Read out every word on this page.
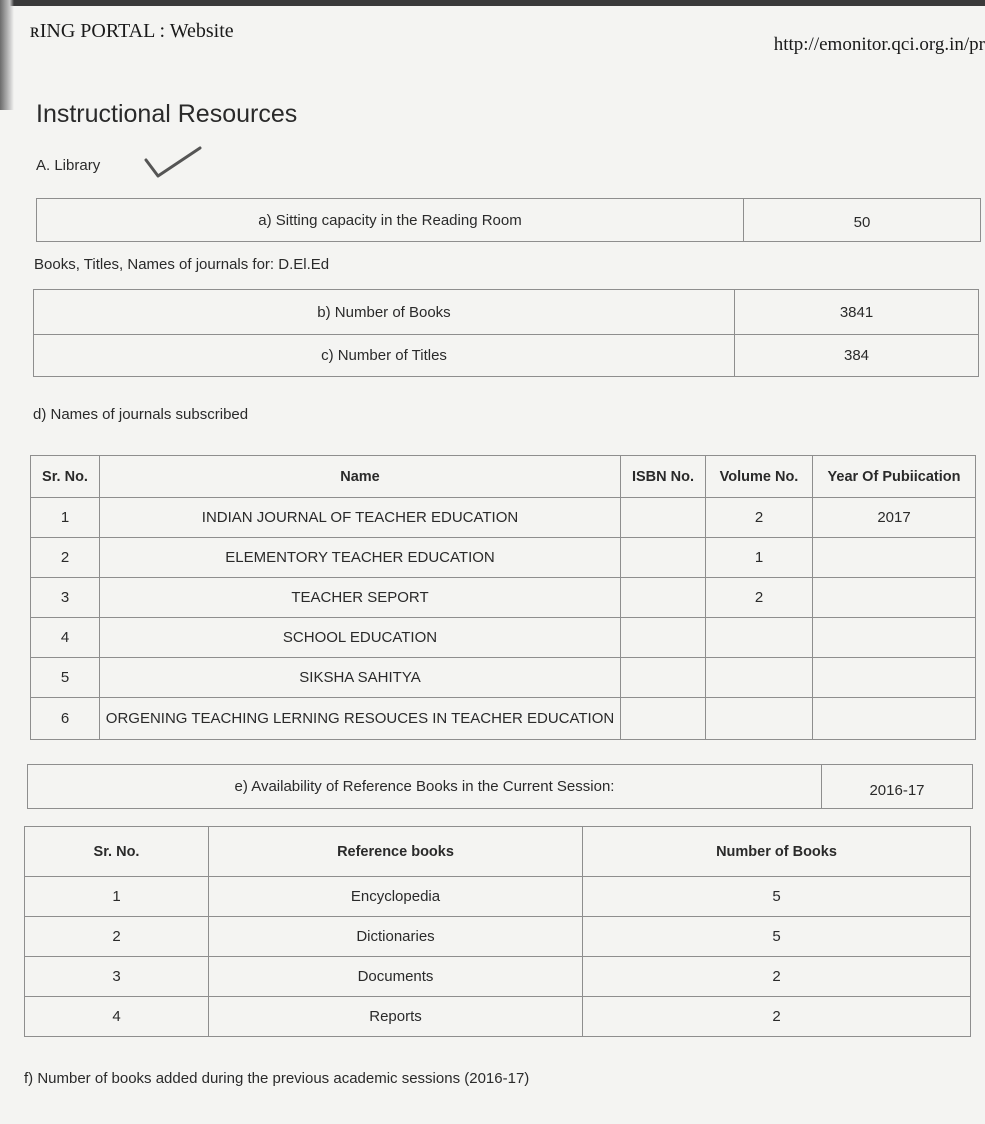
ʀING PORTAL : Website
http://emonitor.qci.org.in/pr
Instructional Resources
A. Library
a) Sitting capacity in the Reading Room	50
Books, Titles, Names of journals for: D.El.Ed
b) Number of Books	3841
c) Number of Titles	384
d) Names of journals subscribed
Sr. No.	Name	ISBN No.	Volume No.	Year Of Pubiication
1	INDIAN JOURNAL OF TEACHER EDUCATION		2	2017
2	ELEMENTORY TEACHER EDUCATION		1	
3	TEACHER SEPORT		2	
4	SCHOOL EDUCATION			
5	SIKSHA SAHITYA			
6	ORGENING TEACHING LERNING RESOUCES IN TEACHER EDUCATION			
e) Availability of Reference Books in the Current Session:	2016-17
Sr. No.	Reference books	Number of Books
1	Encyclopedia	5
2	Dictionaries	5
3	Documents	2
4	Reports	2
f) Number of books added during the previous academic sessions (2016-17)
